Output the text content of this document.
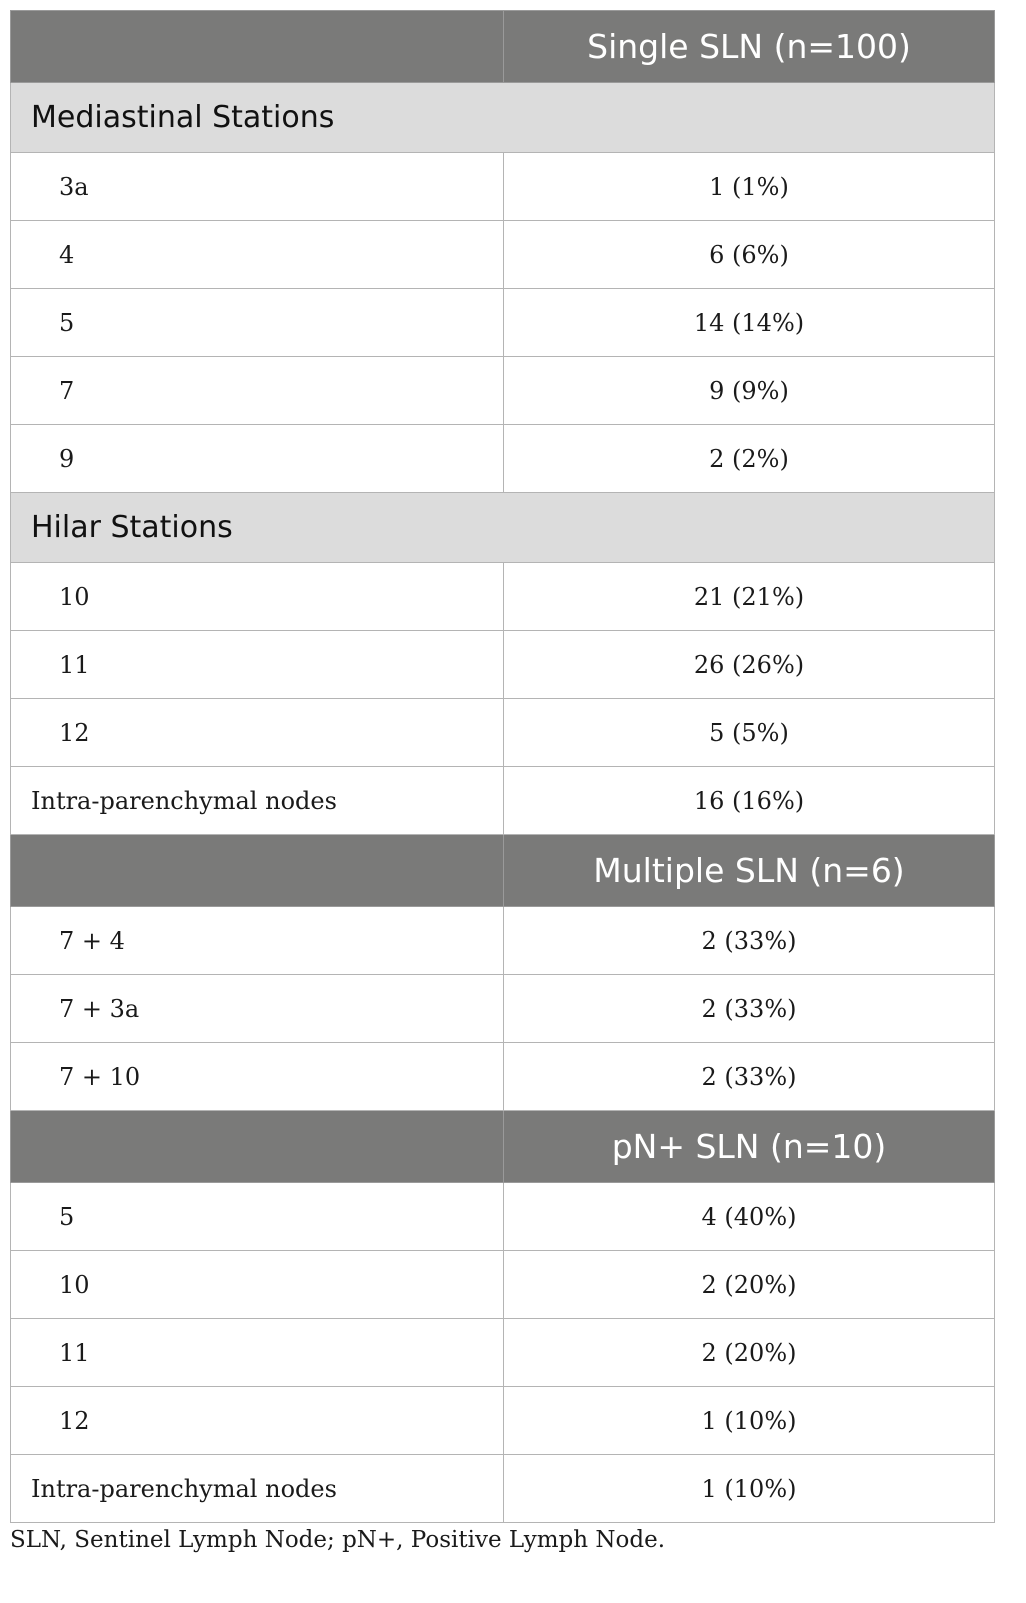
	Single SLN (n=100)
Mediastinal Stations	
3a	1 (1%)
4	6 (6%)
5	14 (14%)
7	9 (9%)
9	2 (2%)
Hilar Stations	
10	21 (21%)
11	26 (26%)
12	5 (5%)
Intra-parenchymal nodes	16 (16%)
	Multiple SLN (n=6)
7 + 4	2 (33%)
7 + 3a	2 (33%)
7 + 10	2 (33%)
	pN+ SLN (n=10)
5	4 (40%)
10	2 (20%)
11	2 (20%)
12	1 (10%)
Intra-parenchymal nodes	1 (10%)
SLN, Sentinel Lymph Node; pN+, Positive Lymph Node.
